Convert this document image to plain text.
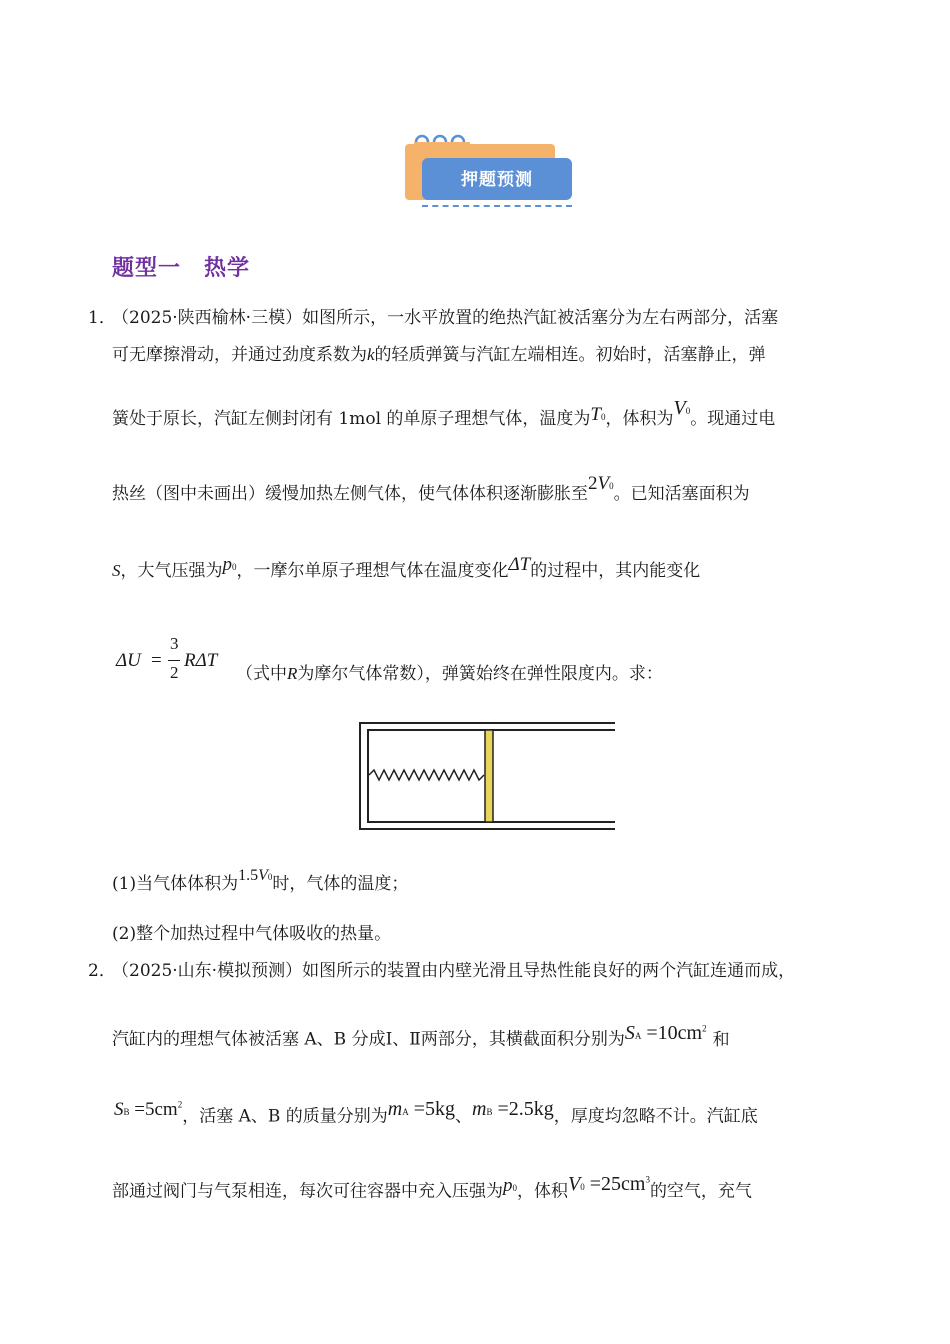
押题预测
题型一　热学
1．
（2025·陕西榆林·三模）如图所示，一水平放置的绝热汽缸被活塞分为左右两部分，活塞
可无摩擦滑动，并通过劲度系数为k的轻质弹簧与汽缸左端相连。初始时，活塞静止，弹
簧处于原长，汽缸左侧封闭有 1mol 的单原子理想气体，温度为T0，体积为V0。现通过电
热丝（图中未画出）缓慢加热左侧气体，使气体体积逐渐膨胀至2V0。已知活塞面积为
S，大气压强为p0，一摩尔单原子理想气体在温度变化ΔT的过程中，其内能变化
ΔU =
3
2
RΔT
（式中R为摩尔气体常数），弹簧始终在弹性限度内。求：
(1)当气体体积为1.5V0时，气体的温度；
(2)整个加热过程中气体吸收的热量。
2．
（2025·山东·模拟预测）如图所示的装置由内壁光滑且导热性能良好的两个汽缸连通而成，
汽缸内的理想气体被活塞 A、B 分成Ⅰ、Ⅱ两部分，其横截面积分别为SA $=10cm^2$和
SB $=5cm^2$，活塞 A、B 的质量分别为mA =5kg、mB =2.5kg，厚度均忽略不计。汽缸底
部通过阀门与气泵相连，每次可往容器中充入压强为p0，体积$V0 =25cm^3$的空气，充气
